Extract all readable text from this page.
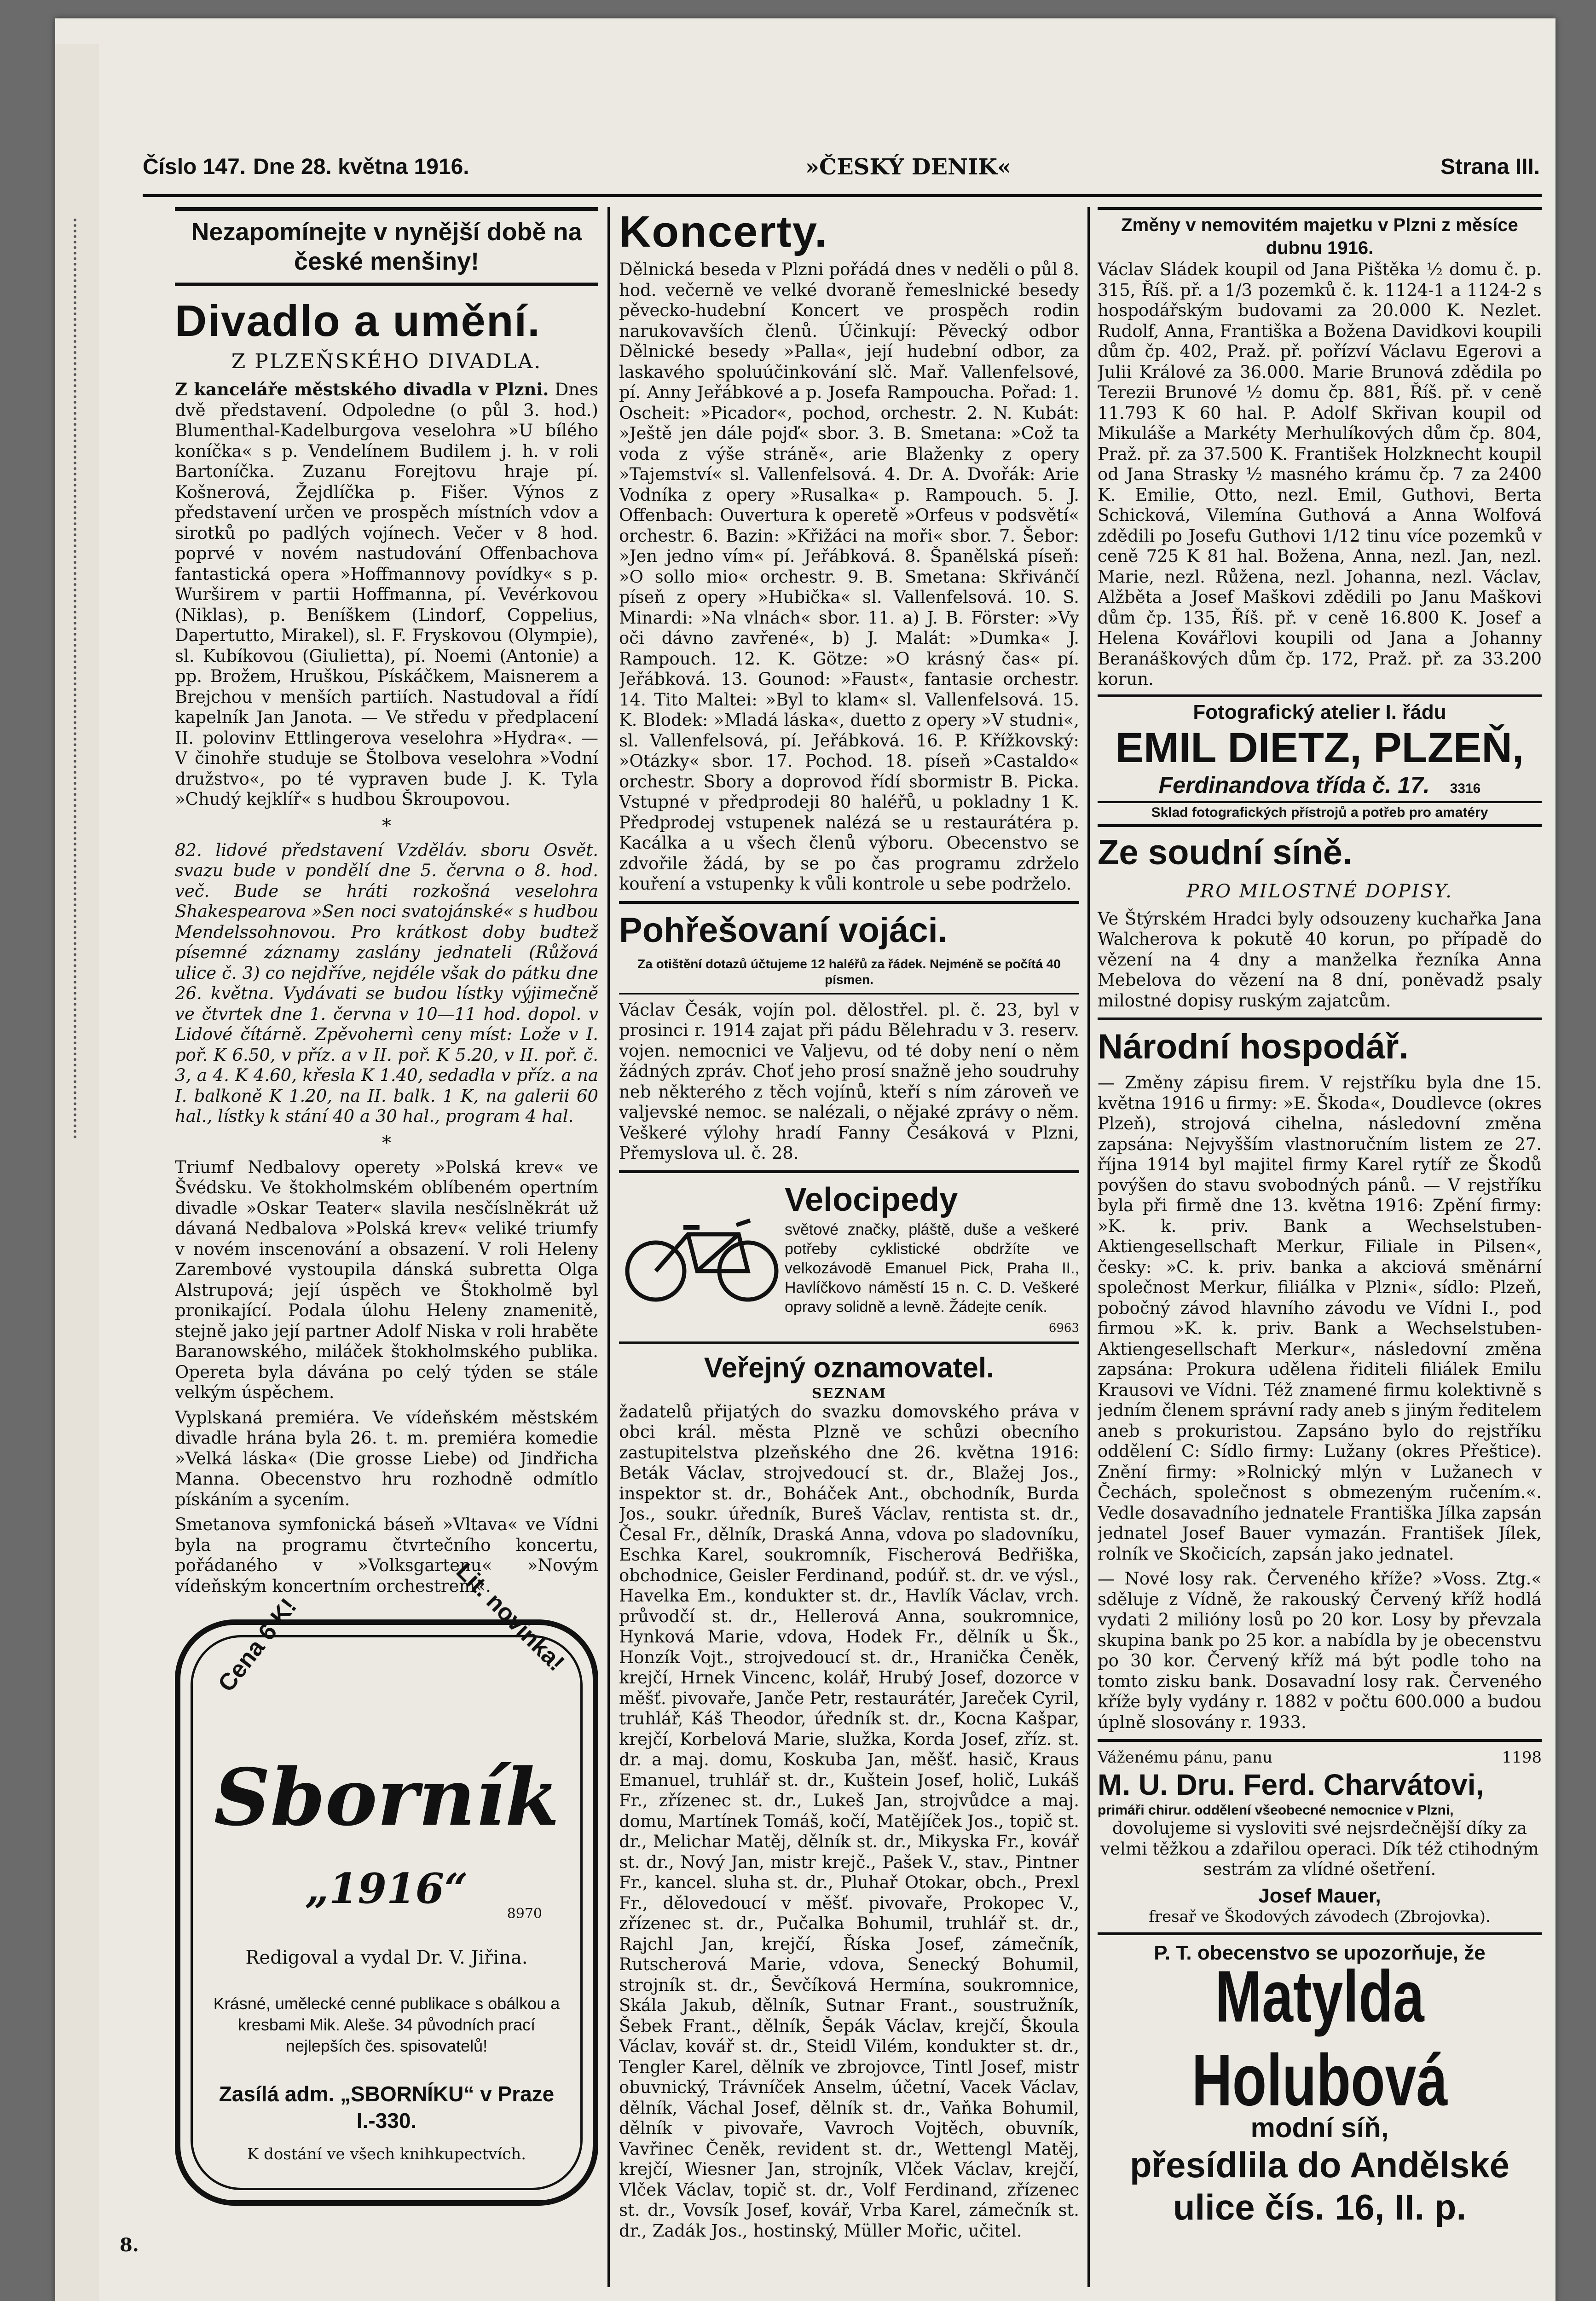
Číslo 147. Dne 28. května 1916.	»ČESKÝ DENIK«	Strana III.
Nezapomínejte v nynější době na české menšiny!
Divadlo a umění.
Z PLZEŇSKÉHO DIVADLA.

Z kanceláře městského divadla v Plzni. Dnes dvě představení. Odpoledne (o půl 3. hod.) Blumenthal-Kadelburgova veselohra »U bílého koníčka« s p. Vendelínem Budilem j. h. v roli Bartoníčka. Zuzanu Forejtovu hraje pí. Košnerová, Žejdlíčka p. Fišer. Výnos z představení určen ve prospěch místních vdov a sirotků po padlých vojínech. Večer v 8 hod. poprvé v novém nastudování Offenbachova fantastická opera »Hoffmannovy povídky« s p. Wurširem v partii Hoffmanna, pí. Vevérkovou (Niklas), p. Beníškem (Lindorf, Coppelius, Dapertutto, Mirakel), sl. F. Fryskovou (Olympie), sl. Kubíkovou (Giulietta), pí. Noemi (Antonie) a pp. Brožem, Hruškou, Pískáčkem, Maisnerem a Brejchou v menších partiích. Nastudoval a řídí kapelník Jan Janota. — Ve středu v předplacení II. polovinv Ettlingerova veselohra »Hydra«. — V činohře studuje se Štolbova veselohra »Vodní družstvo«, po té vypraven bude J. K. Tyla »Chudý kejklíř« s hudbou Škroupovou.

*

82. lidové představení Vzděláv. sboru Osvět. svazu bude v pondělí dne 5. června o 8. hod. več. Bude se hráti rozkošná veselohra Shakespearova »Sen noci svatojánské« s hudbou Mendelssohnovou. Pro krátkost doby budtež písemné záznamy zaslány jednateli (Růžová ulice č. 3) co nejdříve, nejdéle však do pátku dne 26. května. Vydávati se budou lístky výjimečně ve čtvrtek dne 1. června v 10—11 hod. dopol. v Lidové čítárně. Zpěvohernì ceny míst: Lože v I. poř. K 6.50, v příz. a v II. poř. K 5.20, v II. poř. č. 3, a 4. K 4.60, křesla K 1.40, sedadla v příz. a na I. balkoně K 1.20, na II. balk. 1 K, na galerii 60 hal., lístky k stání 40 a 30 hal., program 4 hal.

*

Triumf Nedbalovy operety »Polská krev« ve Švédsku. Ve štokholmském oblíbeném opertním divadle »Oskar Teater« slavila nesčíslněkrát už dávaná Nedbalova »Polská krev« veliké triumfy v novém inscenování a obsazení. V roli Heleny Zarembové vystoupila dánská subretta Olga Alstrupová; její úspěch ve Štokholmě byl pronikající. Podala úlohu Heleny znamenitě, stejně jako její partner Adolf Niska v roli hraběte Baranowského, miláček štokholmského publika. Opereta byla dávána po celý týden se stále velkým úspěchem.

Vyplskaná premiéra. Ve vídeňském městském divadle hrána byla 26. t. m. premiéra komedie »Velká láska« (Die grosse Liebe) od Jindřicha Manna. Obecenstvo hru rozhodně odmítlo pískáním a sycením.

Smetanova symfonická báseň »Vltava« ve Vídni byla na programu čtvrtečního koncertu, pořádaného v »Volksgartenu« »Novým vídeňským koncertním orchestrem«.

Cena 6 K!	Lit. novinka!
Sborník
„1916“
8970
Redigoval a vydal Dr. V. Jiřina.
Krásné, umělecké cenné publikace s obálkou a kresbami Mik. Aleše. 34 původních prací nejlepších čes. spisovatelů!
Zasílá adm. „SBORNÍKU“ v Praze I.-330.
K dostání ve všech knihkupectvích.
Koncerty.

Dělnická beseda v Plzni pořádá dnes v neděli o půl 8. hod. večerně ve velké dvoraně řemeslnické besedy pěvecko-hudební Koncert ve prospěch rodin narukovavších členů. Účinkují: Pěvecký odbor Dělnické besedy »Palla«, její hudební odbor, za laskavého spoluúčinkování slč. Mař. Vallenfelsové, pí. Anny Jeřábkové a p. Josefa Rampoucha. Pořad: 1. Oscheit: »Picador«, pochod, orchestr. 2. N. Kubát: »Ještě jen dále pojď« sbor. 3. B. Smetana: »Což ta voda z výše stráně«, arie Blaženky z opery »Tajemství« sl. Vallenfelsová. 4. Dr. A. Dvořák: Arie Vodníka z opery »Rusalka« p. Rampouch. 5. J. Offenbach: Ouvertura k operetě »Orfeus v podsvětí« orchestr. 6. Bazin: »Křižáci na moři« sbor. 7. Šebor: »Jen jedno vím« pí. Jeřábková. 8. Španělská píseň: »O sollo mio« orchestr. 9. B. Smetana: Skřivánčí píseň z opery »Hubička« sl. Vallenfelsová. 10. S. Minardi: »Na vlnách« sbor. 11. a) J. B. Förster: »Vy oči dávno zavřené«, b) J. Malát: »Dumka« J. Rampouch. 12. K. Götze: »O krásný čas« pí. Jeřábková. 13. Gounod: »Faust«, fantasie orchestr. 14. Tito Maltei: »Byl to klam« sl. Vallenfelsová. 15. K. Blodek: »Mladá láska«, duetto z opery »V studni«, sl. Vallenfelsová, pí. Jeřábková. 16. P. Křížkovský: »Otázky« sbor. 17. Pochod. 18. píseň »Castaldo« orchestr. Sbory a doprovod řídí sbormistr B. Picka. Vstupné v předprodeji 80 haléřů, u pokladny 1 K. Předprodej vstupenek nalézá se u restaurátéra p. Kacálka a u všech členů výboru. Obecenstvo se zdvořile žádá, by se po čas programu zdrželo kouření a vstupenky k vůli kontrole u sebe podrželo.

Pohřešovaní vojáci.

Za otištění dotazů účtujeme 12 haléřů za řádek. Nejméně se počítá 40 písmen.

Václav Česák, vojín pol. dělostřel. pl. č. 23, byl v prosinci r. 1914 zajat při pádu Bělehradu v 3. reserv. vojen. nemocnici ve Valjevu, od té doby není o něm žádných zpráv. Choť jeho prosí snažně jeho soudruhy neb některého z těch vojínů, kteří s ním zároveň ve valjevské nemoc. se nalézali, o nějaké zprávy o něm. Veškeré výlohy hradí Fanny Česáková v Plzni, Přemyslova ul. č. 28.

Velocipedy

světové značky, pláště, duše a veškeré potřeby cyklistické obdržíte ve velkozávodě Emanuel Pick, Praha II., Havlíčkovo náměstí 15 n. C. D. Veškeré opravy solidně a levně. Žádejte ceník.

6963
Veřejný oznamovatel.
SEZNAM

žadatelů přijatých do svazku domovského práva v obci král. města Plzně ve schůzi obecního zastupitelstva plzeňského dne 26. května 1916: Beták Václav, strojvedoucí st. dr., Blažej Jos., inspektor st. dr., Boháček Ant., obchodník, Burda Jos., soukr. úředník, Bureš Václav, rentista st. dr., Česal Fr., dělník, Draská Anna, vdova po sladovníku, Eschka Karel, soukromník, Fischerová Bedřiška, obchodnice, Geisler Ferdinand, podúř. st. dr. ve výsl., Havelka Em., kondukter st. dr., Havlík Václav, vrch. průvodčí st. dr., Hellerová Anna, soukromnice, Hynková Marie, vdova, Hodek Fr., dělník u Šk., Honzík Vojt., strojvedoucí st. dr., Hranička Čeněk, krejčí, Hrnek Vincenc, kolář, Hrubý Josef, dozorce v měšť. pivovaře, Janče Petr, restaurátér, Jareček Cyril, truhlář, Káš Theodor, úředník st. dr., Kocna Kašpar, krejčí, Korbelová Marie, služka, Korda Josef, zříz. st. dr. a maj. domu, Koskuba Jan, měšť. hasič, Kraus Emanuel, truhlář st. dr., Kuštein Josef, holič, Lukáš Fr., zřízenec st. dr., Lukeš Jan, strojvůdce a maj. domu, Martínek Tomáš, kočí, Matějíček Jos., topič st. dr., Melichar Matěj, dělník st. dr., Mikyska Fr., kovář st. dr., Nový Jan, mistr krejč., Pašek V., stav., Pintner Fr., kancel. sluha st. dr., Pluhař Otokar, obch., Prexl Fr., dělovedoucí v měšť. pivovaře, Prokopec V., zřízenec st. dr., Pučalka Bohumil, truhlář st. dr., Rajchl Jan, krejčí, Říska Josef, zámečník, Rutscherová Marie, vdova, Senecký Bohumil, strojník st. dr., Ševčíková Hermína, soukromnice, Skála Jakub, dělník, Sutnar Frant., soustružník, Šebek Frant., dělník, Šepák Václav, krejčí, Škoula Václav, kovář st. dr., Steidl Vilém, kondukter st. dr., Tengler Karel, dělník ve zbrojovce, Tintl Josef, mistr obuvnický, Trávníček Anselm, účetní, Vacek Václav, dělník, Váchal Josef, dělník st. dr., Vaňka Bohumil, dělník v pivovaře, Vavroch Vojtěch, obuvník, Vavřinec Čeněk, revident st. dr., Wettengl Matěj, krejčí, Wiesner Jan, strojník, Vlček Václav, krejčí, Vlček Václav, topič st. dr., Volf Ferdinand, zřízenec st. dr., Vovsík Josef, kovář, Vrba Karel, zámečník st. dr., Zadák Jos., hostinský, Müller Mořic, učitel.

Změny v nemovitém majetku v Plzni z měsíce dubnu 1916.

Václav Sládek koupil od Jana Pištěka ½ domu č. p. 315, Říš. př. a 1/3 pozemků č. k. 1124-1 a 1124-2 s hospodářským budovami za 20.000 K. Nezlet. Rudolf, Anna, Františka a Božena Davidkovi koupili dům čp. 402, Praž. př. pořízví Václavu Egerovi a Julii Králové za 36.000. Marie Brunová zdědila po Terezii Brunové ½ domu čp. 881, Říš. př. v ceně 11.793 K 60 hal. P. Adolf Skřivan koupil od Mikuláše a Markéty Merhulíkových dům čp. 804, Praž. př. za 37.500 K. František Holzknecht koupil od Jana Strasky ½ masného krámu čp. 7 za 2400 K. Emilie, Otto, nezl. Emil, Guthovi, Berta Schicková, Vilemína Guthová a Anna Wolfová zdědili po Josefu Guthovi 1/12 tinu více pozemků v ceně 725 K 81 hal. Božena, Anna, nezl. Jan, nezl. Marie, nezl. Růžena, nezl. Johanna, nezl. Václav, Alžběta a Josef Maškovi zdědili po Janu Maškovi dům čp. 135, Říš. př. v ceně 16.800 K. Josef a Helena Kovářlovi koupili od Jana a Johanny Beranáškových dům čp. 172, Praž. př. za 33.200 korun.

Fotografický atelier I. řádu
EMIL DIETZ, PLZEŇ,
Ferdinandova třída č. 17. 3316
Sklad fotografických přístrojů a potřeb pro amatéry
Ze soudní síně.
PRO MILOSTNÉ DOPISY.

Ve Štýrském Hradci byly odsouzeny kuchařka Jana Walcherova k pokutě 40 korun, po případě do vězení na 4 dny a manželka řezníka Anna Mebelova do vězení na 8 dní, poněvadž psaly milostné dopisy ruským zajatcům.

Národní hospodář.

— Změny zápisu firem. V rejstříku byla dne 15. května 1916 u firmy: »E. Škoda«, Doudlevce (okres Plzeň), strojová cihelna, následovní změna zapsána: Nejvyšším vlastnoručním listem ze 27. října 1914 byl majitel firmy Karel rytíř ze Škodů povýšen do stavu svobodných pánů. — V rejstříku byla při firmě dne 13. května 1916: Zpění firmy: »K. k. priv. Bank a Wechselstuben-Aktiengesellschaft Merkur, Filiale in Pilsen«, česky: »C. k. priv. banka a akciová směnární společnost Merkur, filiálka v Plzni«, sídlo: Plzeň, pobočný závod hlavního závodu ve Vídni I., pod firmou »K. k. priv. Bank a Wechselstuben-Aktiengesellschaft Merkur«, následovní změna zapsána: Prokura udělena řiditeli filiálek Emilu Krausovi ve Vídni. Též znamené firmu kolektivně s jedním členem správní rady aneb s jiným ředitelem aneb s prokuristou. Zapsáno bylo do rejstříku oddělení C: Sídlo firmy: Lužany (okres Přeštice). Znění firmy: »Rolnický mlýn v Lužanech v Čechách, společnost s obmezeným ručením.«. Vedle dosavadního jednatele Františka Jílka zapsán jednatel Josef Bauer vymazán. František Jílek, rolník ve Skočicích, zapsán jako jednatel.

— Nové losy rak. Červeného kříže? »Voss. Ztg.« sděluje z Vídně, že rakouský Červený kříž hodlá vydati 2 milióny losů po 20 kor. Losy by převzala skupina bank po 25 kor. a nabídla by je obecenstvu po 30 kor. Červený kříž má být podle toho na tomto zisku bank. Dosavadní losy rak. Červeného kříže byly vydány r. 1882 v počtu 600.000 a budou úplně slosovány r. 1933.

Váženému pánu, panu	1198
M. U. Dru. Ferd. Charvátovi,
primáři chirur. oddělení všeobecné nemocnice v Plzni,

dovolujeme si vysloviti své nejsrdečnější díky za velmi těžkou a zdařilou operaci. Dík též ctihodným sestrám za vlídné ošetření.

Josef Mauer,
fresař ve Škodových závodech (Zbrojovka).
P. T. obecenstvo se upozorňuje, že
Matylda Holubová
modní síň,
přesídlila do Andělské ulice čís. 16, II. p.
8.
